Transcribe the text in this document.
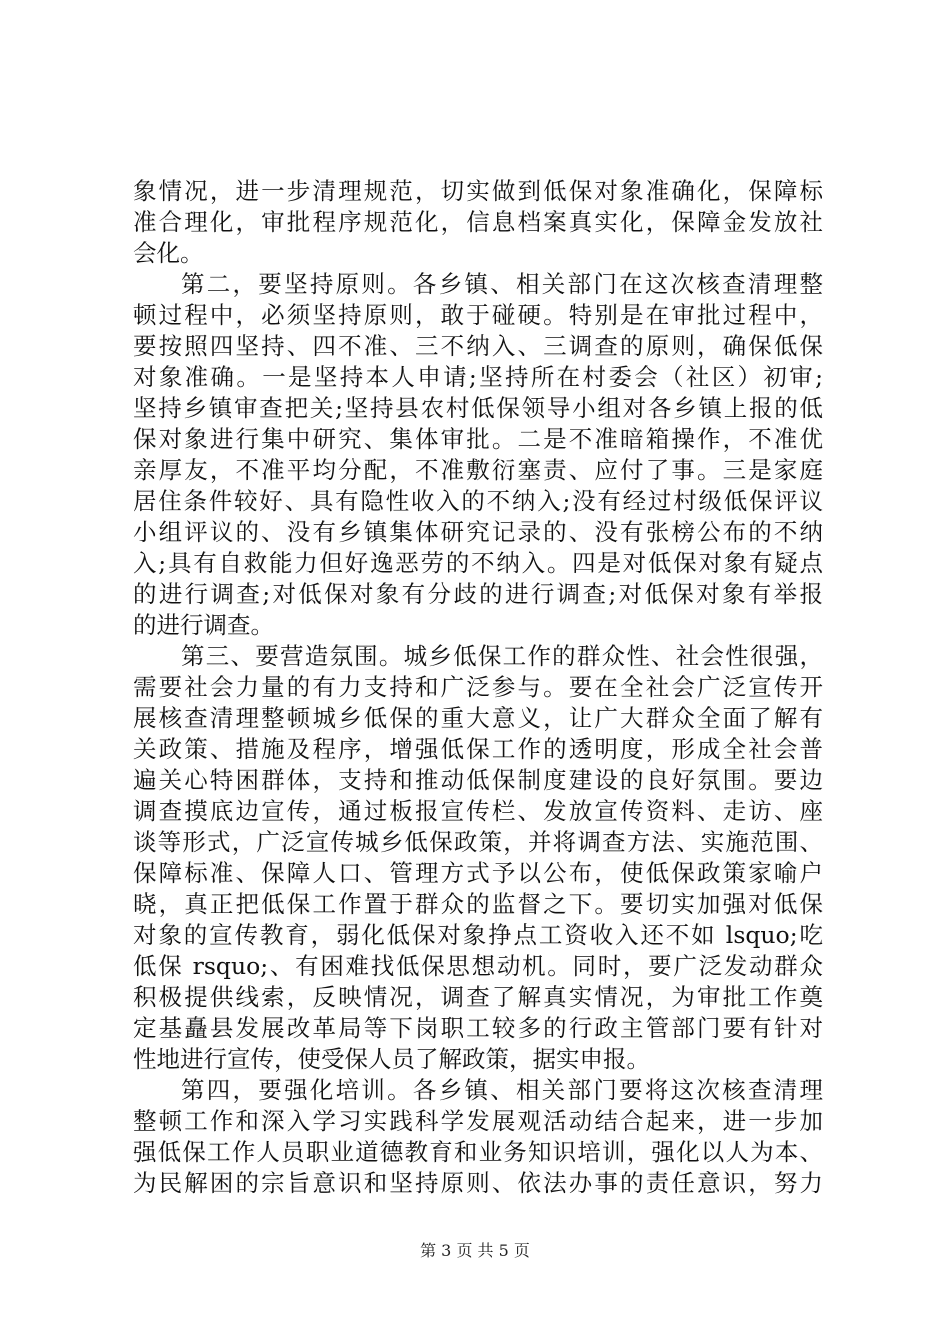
象情况，进一步清理规范，切实做到低保对象准确化，保障标
准合理化，审批程序规范化，信息档案真实化，保障金发放社
会化。
第二，要坚持原则。各乡镇、相关部门在这次核查清理整
顿过程中，必须坚持原则，敢于碰硬。特别是在审批过程中，
要按照四坚持、四不准、三不纳入、三调查的原则，确保低保
对象准确。一是坚持本人申请;坚持所在村委会（社区）初审;
坚持乡镇审查把关;坚持县农村低保领导小组对各乡镇上报的低
保对象进行集中研究、集体审批。二是不准暗箱操作，不准优
亲厚友，不准平均分配，不准敷衍塞责、应付了事。三是家庭
居住条件较好、具有隐性收入的不纳入;没有经过村级低保评议
小组评议的、没有乡镇集体研究记录的、没有张榜公布的不纳
入;具有自救能力但好逸恶劳的不纳入。四是对低保对象有疑点
的进行调查;对低保对象有分歧的进行调查;对低保对象有举报
的进行调查。
第三、要营造氛围。城乡低保工作的群众性、社会性很强，
需要社会力量的有力支持和广泛参与。要在全社会广泛宣传开
展核查清理整顿城乡低保的重大意义，让广大群众全面了解有
关政策、措施及程序，增强低保工作的透明度，形成全社会普
遍关心特困群体，支持和推动低保制度建设的良好氛围。要边
调查摸底边宣传，通过板报宣传栏、发放宣传资料、走访、座
谈等形式，广泛宣传城乡低保政策，并将调查方法、实施范围、
保障标准、保障人口、管理方式予以公布，使低保政策家喻户
晓，真正把低保工作置于群众的监督之下。要切实加强对低保
对象的宣传教育，弱化低保对象挣点工资收入还不如 lsquo;吃
低保 rsquo;、有困难找低保思想动机。同时，要广泛发动群众
积极提供线索，反映情况，调查了解真实情况，为审批工作奠
定基矗县发展改革局等下岗职工较多的行政主管部门要有针对
性地进行宣传，使受保人员了解政策，据实申报。
第四，要强化培训。各乡镇、相关部门要将这次核查清理
整顿工作和深入学习实践科学发展观活动结合起来，进一步加
强低保工作人员职业道德教育和业务知识培训，强化以人为本、
为民解困的宗旨意识和坚持原则、依法办事的责任意识，努力
第 3 页 共 5 页
